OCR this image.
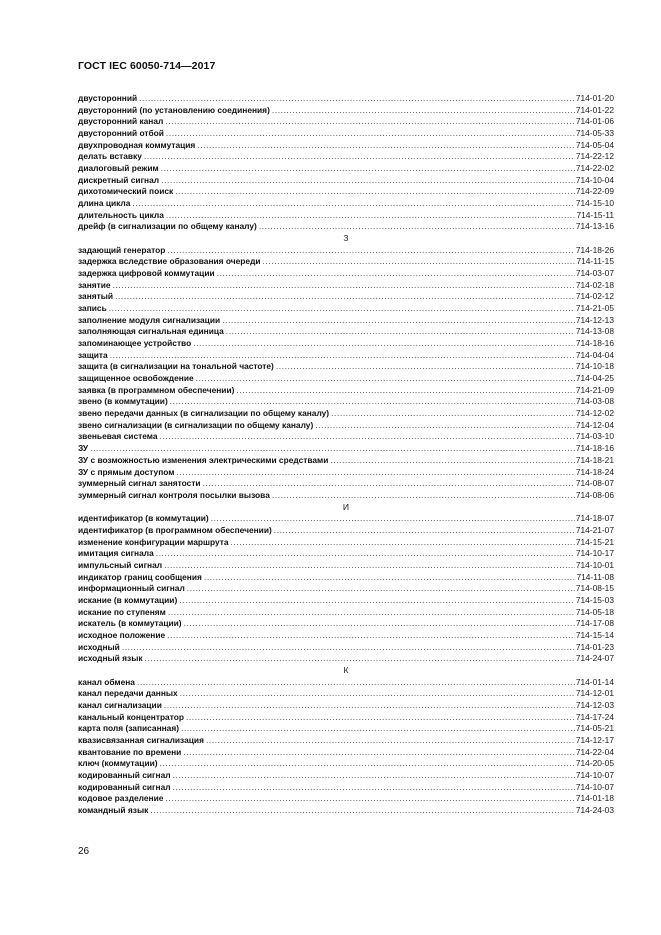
ГОСТ IEC 60050-714—2017
двусторонний .....	714-01-20
двусторонний (по установлению соединения) .....	714-01-22
двусторонний канал .....	714-01-06
двусторонний отбой .....	714-05-33
двухпроводная коммутация .....	714-05-04
делать вставку .....	714-22-12
диалоговый режим .....	714-22-02
дискретный сигнал .....	714-10-04
дихотомический поиск .....	714-22-09
длина цикла .....	714-15-10
длительность цикла .....	714-15-11
дрейф (в сигнализации по общему каналу) .....	714-13-16
З
задающий генератор .....	714-18-26
задержка вследствие образования очереди .....	714-11-15
задержка цифровой коммутации .....	714-03-07
занятие .....	714-02-18
занятый .....	714-02-12
запись .....	714-21-05
заполнение модуля сигнализации .....	714-12-13
заполняющая сигнальная единица .....	714-13-08
запоминающее устройство .....	714-18-16
защита .....	714-04-04
защита (в сигнализации на тональной частоте) .....	714-10-18
защищенное освобождение .....	714-04-25
заявка (в программном обеспечении) .....	714-21-09
звено (в коммутации) .....	714-03-08
звено передачи данных (в сигнализации по общему каналу) .....	714-12-02
звено сигнализации (в сигнализации по общему каналу) .....	714-12-04
звеньевая система .....	714-03-10
ЗУ .....	714-18-16
ЗУ с возможностью изменения электрическими средствами .....	714-18-21
ЗУ с прямым доступом .....	714-18-24
зуммерный сигнал занятости .....	714-08-07
зуммерный сигнал контроля посылки вызова .....	714-08-06
И
идентификатор (в коммутации) .....	714-18-07
идентификатор (в программном обеспечении) .....	714-21-07
изменение конфигурации маршрута .....	714-15-21
имитация сигнала .....	714-10-17
импульсный сигнал .....	714-10-01
индикатор границ сообщения .....	714-11-08
информационный сигнал .....	714-08-15
искание (в коммутации) .....	714-15-03
искание по ступеням .....	714-05-18
искатель (в коммутации) .....	714-17-08
исходное положение .....	714-15-14
исходный .....	714-01-23
исходный язык .....	714-24-07
К
канал обмена .....	714-01-14
канал передачи данных .....	714-12-01
канал сигнализации .....	714-12-03
канальный концентратор .....	714-17-24
карта поля (записанная) .....	714-05-21
квазисвязанная сигнализация .....	714-12-17
квантование по времени .....	714-22-04
ключ (коммутации) .....	714-20-05
кодированный сигнал .....	714-10-07
кодированный сигнал .....	714-10-07
кодовое разделение .....	714-01-18
командный язык .....	714-24-03
26
